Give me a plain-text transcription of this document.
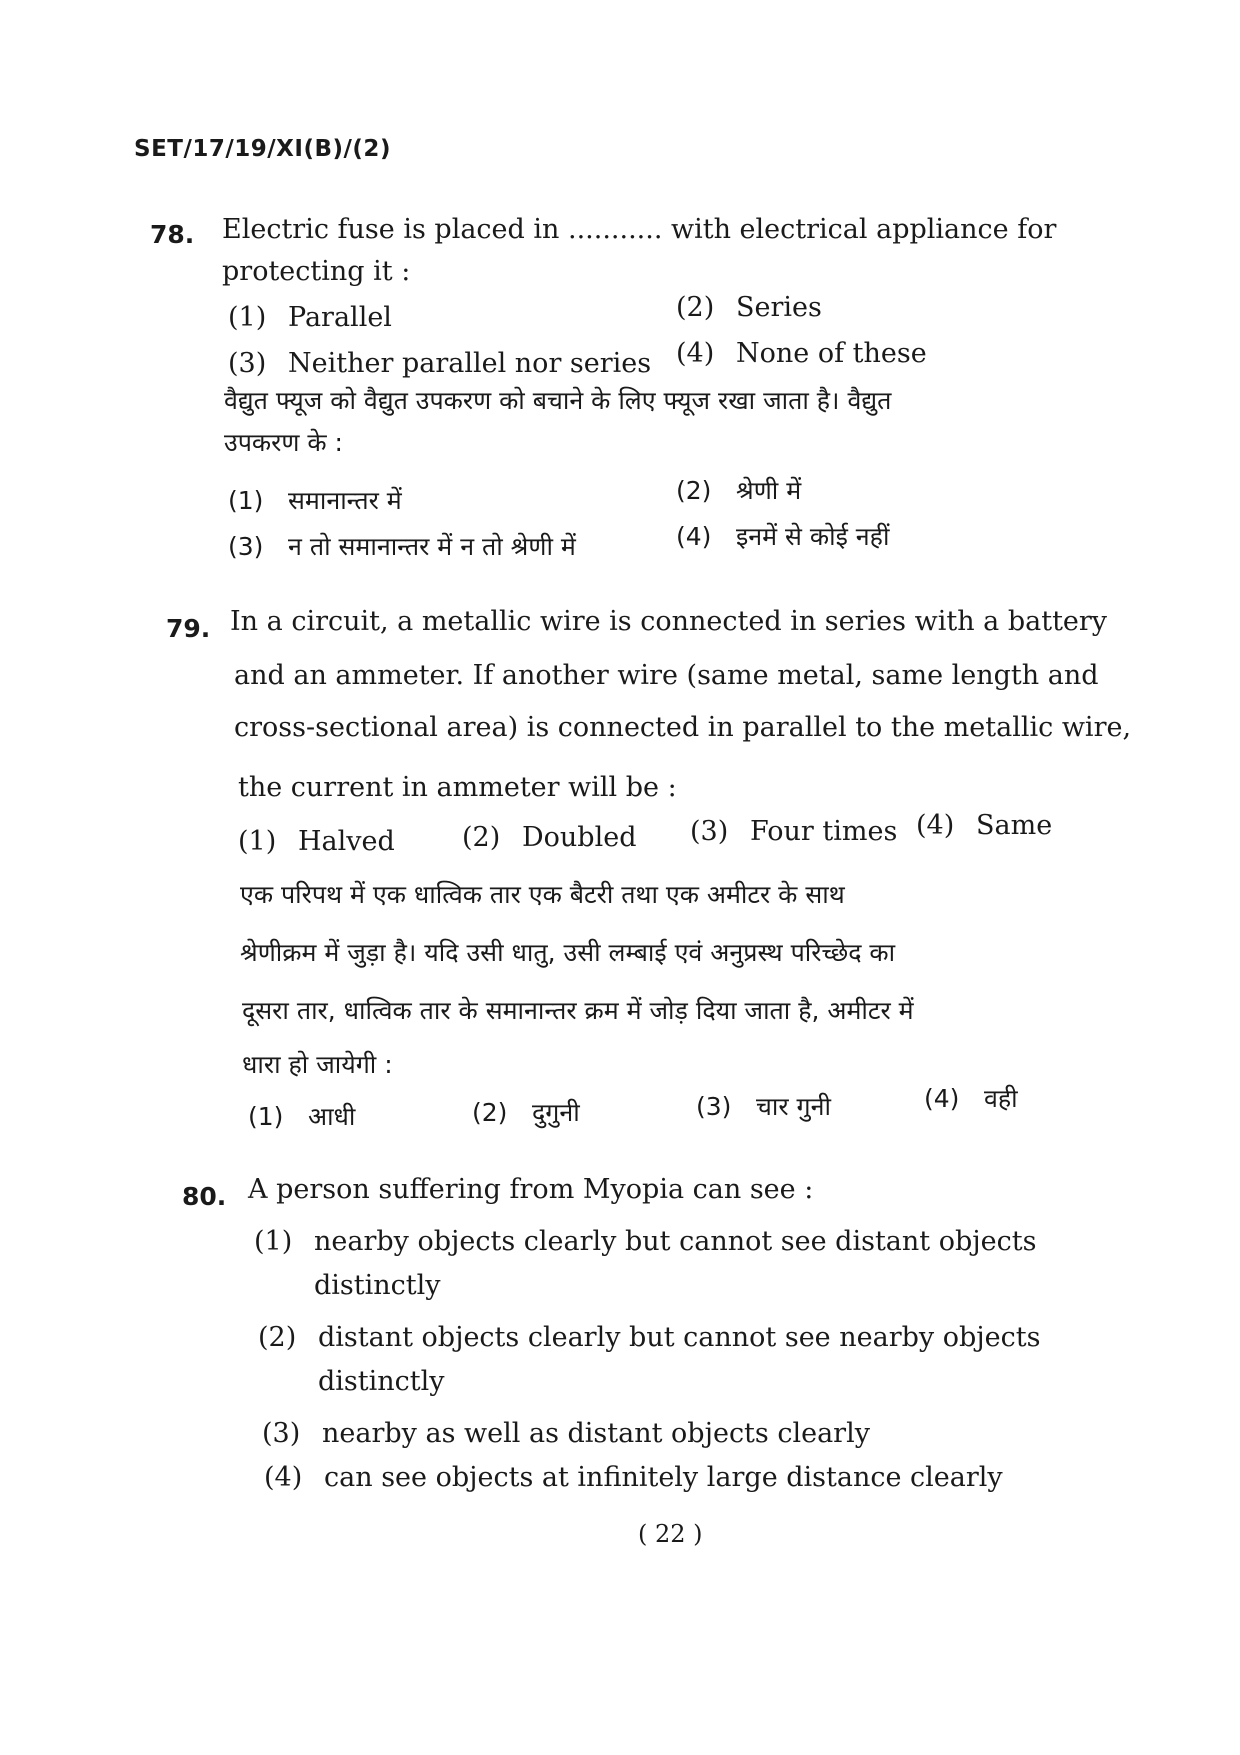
SET/17/19/XI(B)/(2)
78. Electric fuse is placed in ........... with electrical appliance for
protecting it :
(1) Parallel	(2) Series
(3) Neither parallel nor series (4) None of these
वैद्युत फ्यूज को वैद्युत उपकरण को बचाने के लिए फ्यूज रखा जाता है। वैद्युत
उपकरण के :
(1) समानान्तर में	(2) श्रेणी में
(3) न तो समानान्तर में न तो श्रेणी में	(4) इनमें से कोई नहीं
79. In a circuit, a metallic wire is connected in series with a battery
and an ammeter. If another wire (same metal, same length and
cross-sectional area) is connected in parallel to the metallic wire,
the current in ammeter will be :
(1) Halved (2) Doubled (3) Four times (4) Same
एक परिपथ में एक धात्विक तार एक बैटरी तथा एक अमीटर के साथ
श्रेणीक्रम में जुड़ा है। यदि उसी धातु, उसी लम्बाई एवं अनुप्रस्थ परिच्छेद का
दूसरा तार, धात्विक तार के समानान्तर क्रम में जोड़ दिया जाता है, अमीटर में
धारा हो जायेगी :
(1) आधी	(2) दुगुनी	(3) चार गुनी	(4) वही
80. A person suffering from Myopia can see :
(1) nearby objects clearly but cannot see distant objects
distinctly
(2) distant objects clearly but cannot see nearby objects
distinctly
(3) nearby as well as distant objects clearly
(4) can see objects at infinitely large distance clearly
( 22 )
